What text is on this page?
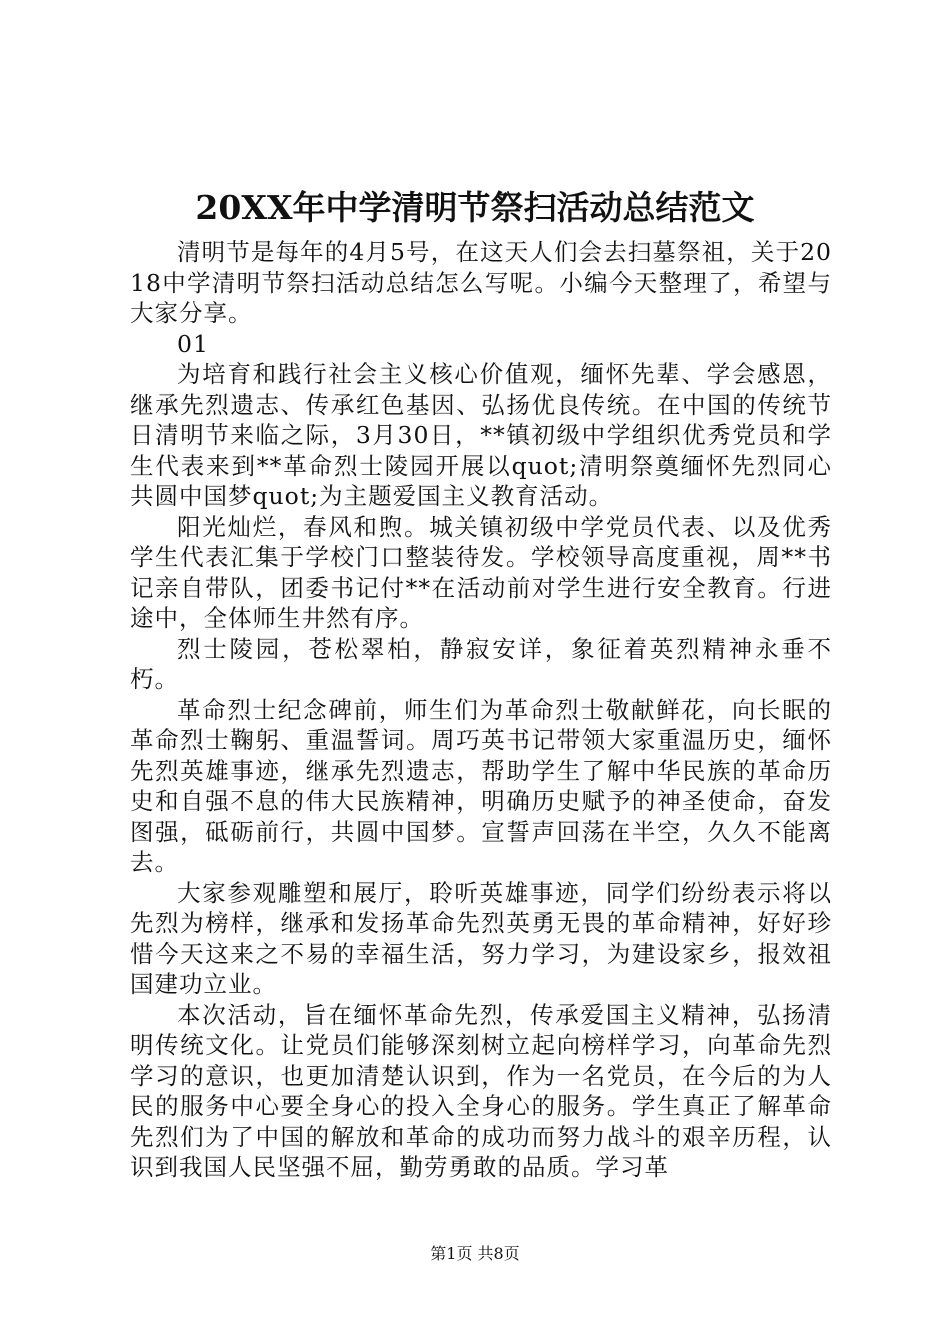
20XX年中学清明节祭扫活动总结范文

清明节是每年的4月5号，在这天人们会去扫墓祭祖，关于2018中学清明节祭扫活动总结怎么写呢。小编今天整理了，希望与大家分享。

01

为培育和践行社会主义核心价值观，缅怀先辈、学会感恩，继承先烈遗志、传承红色基因、弘扬优良传统。在中国的传统节日清明节来临之际，3月30日，**镇初级中学组织优秀党员和学生代表来到**革命烈士陵园开展以quot;清明祭奠缅怀先烈同心共圆中国梦quot;为主题爱国主义教育活动。

阳光灿烂，春风和煦。城关镇初级中学党员代表、以及优秀学生代表汇集于学校门口整装待发。学校领导高度重视，周**书记亲自带队，团委书记付**在活动前对学生进行安全教育。行进途中，全体师生井然有序。

烈士陵园，苍松翠柏，静寂安详，象征着英烈精神永垂不朽。

革命烈士纪念碑前，师生们为革命烈士敬献鲜花，向长眠的革命烈士鞠躬、重温誓词。周巧英书记带领大家重温历史，缅怀先烈英雄事迹，继承先烈遗志，帮助学生了解中华民族的革命历史和自强不息的伟大民族精神，明确历史赋予的神圣使命，奋发图强，砥砺前行，共圆中国梦。宣誓声回荡在半空，久久不能离去。

大家参观雕塑和展厅，聆听英雄事迹，同学们纷纷表示将以先烈为榜样，继承和发扬革命先烈英勇无畏的革命精神，好好珍惜今天这来之不易的幸福生活，努力学习，为建设家乡，报效祖国建功立业。

本次活动，旨在缅怀革命先烈，传承爱国主义精神，弘扬清明传统文化。让党员们能够深刻树立起向榜样学习，向革命先烈学习的意识，也更加清楚认识到，作为一名党员，在今后的为人民的服务中心要全身心的投入全身心的服务。学生真正了解革命先烈们为了中国的解放和革命的成功而努力战斗的艰辛历程，认识到我国人民坚强不屈，勤劳勇敢的品质。学习革

第1页 共8页
